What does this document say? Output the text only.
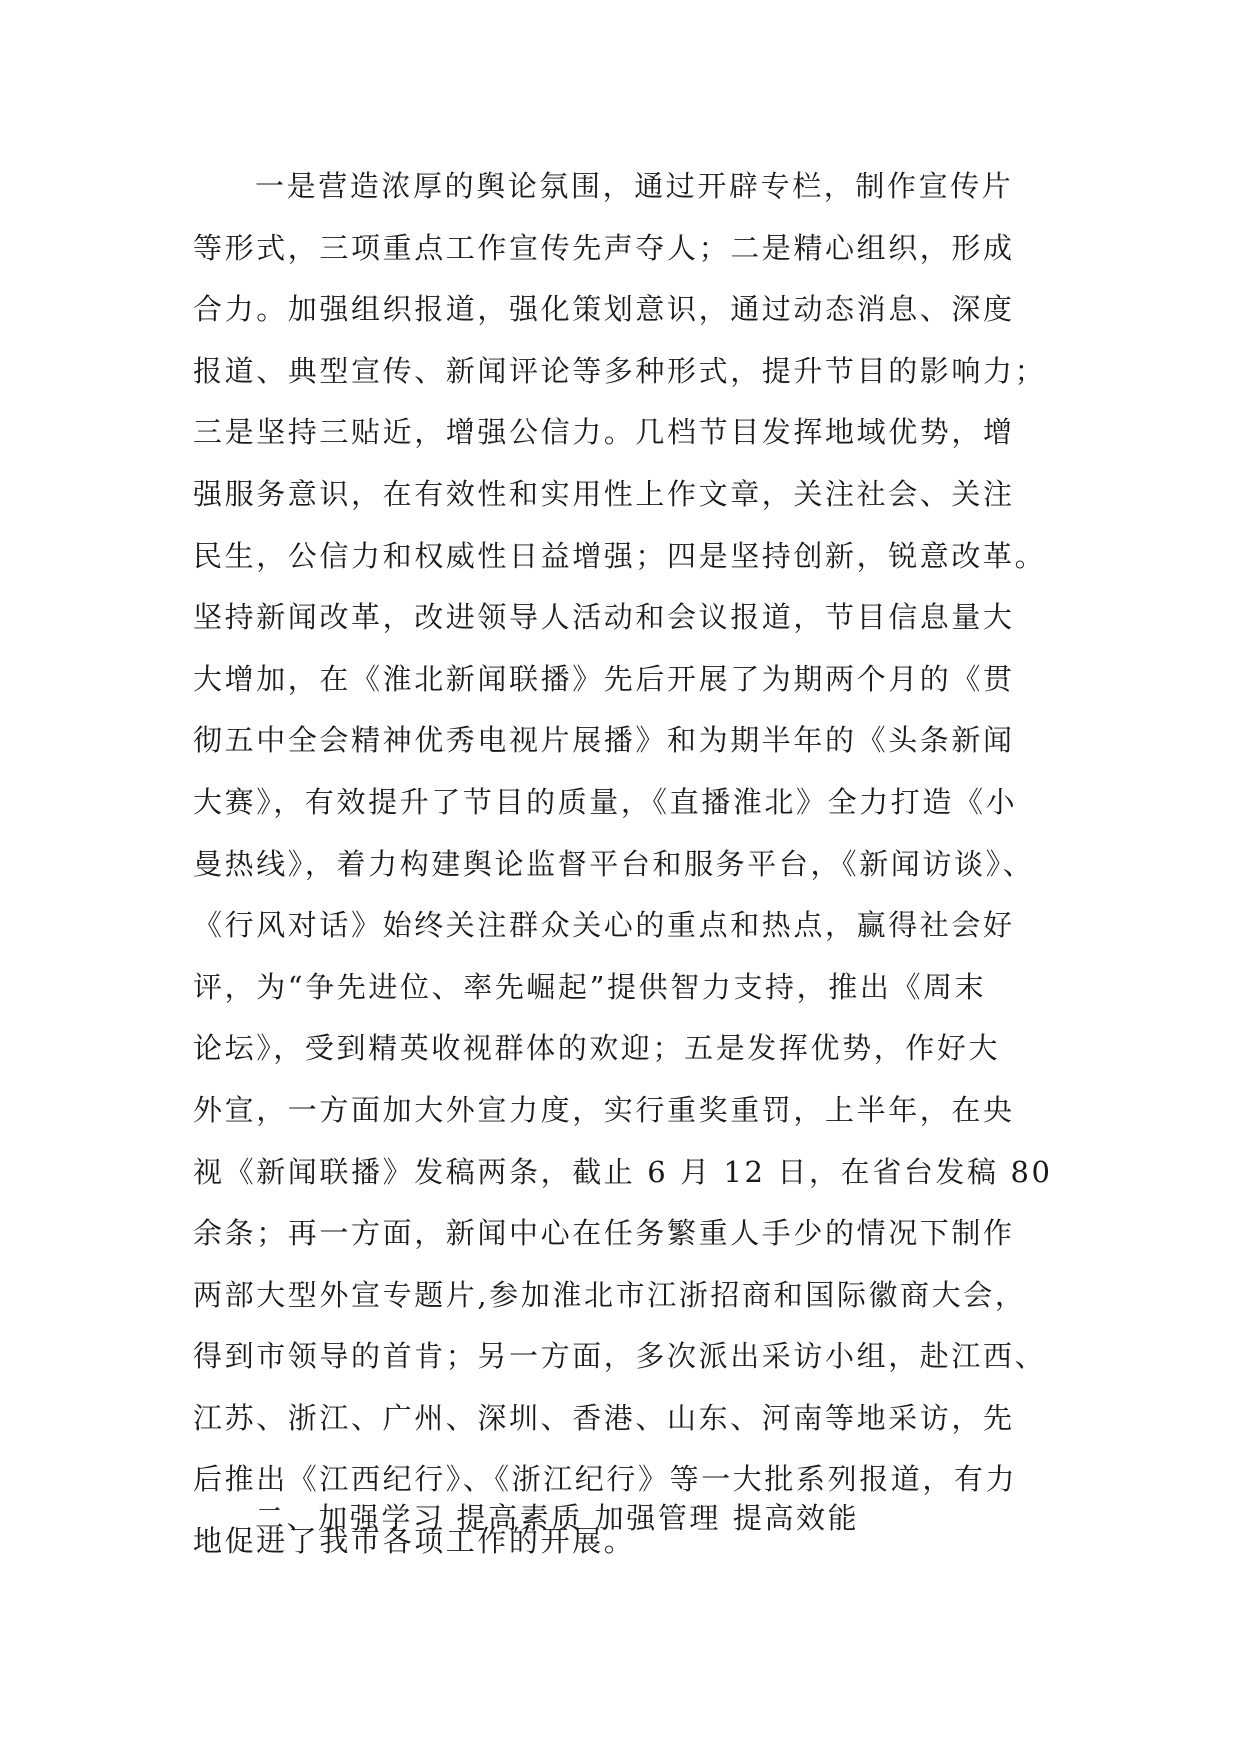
一是营造浓厚的舆论氛围，通过开辟专栏，制作宣传片
等形式，三项重点工作宣传先声夺人；二是精心组织，形成
合力。加强组织报道，强化策划意识，通过动态消息、深度
报道、典型宣传、新闻评论等多种形式，提升节目的影响力；
三是坚持三贴近，增强公信力。几档节目发挥地域优势，增
强服务意识，在有效性和实用性上作文章，关注社会、关注
民生，公信力和权威性日益增强；四是坚持创新，锐意改革。
坚持新闻改革，改进领导人活动和会议报道，节目信息量大
大增加，在《淮北新闻联播》先后开展了为期两个月的《贯
彻五中全会精神优秀电视片展播》和为期半年的《头条新闻
大赛》，有效提升了节目的质量，《直播淮北》全力打造《小
曼热线》，着力构建舆论监督平台和服务平台，《新闻访谈》、
《行风对话》始终关注群众关心的重点和热点，赢得社会好
评，为“争先进位、率先崛起”提供智力支持，推出《周末
论坛》，受到精英收视群体的欢迎；五是发挥优势，作好大
外宣，一方面加大外宣力度，实行重奖重罚，上半年，在央
视《新闻联播》发稿两条，截止 6 月 12 日，在省台发稿 80
余条；再一方面，新闻中心在任务繁重人手少的情况下制作
两部大型外宣专题片,参加淮北市江浙招商和国际徽商大会，
得到市领导的首肯；另一方面，多次派出采访小组，赴江西、
江苏、浙江、广州、深圳、香港、山东、河南等地采访，先
后推出《江西纪行》、《浙江纪行》等一大批系列报道，有力
地促进了我市各项工作的开展。
二、加强学习 提高素质 加强管理 提高效能
